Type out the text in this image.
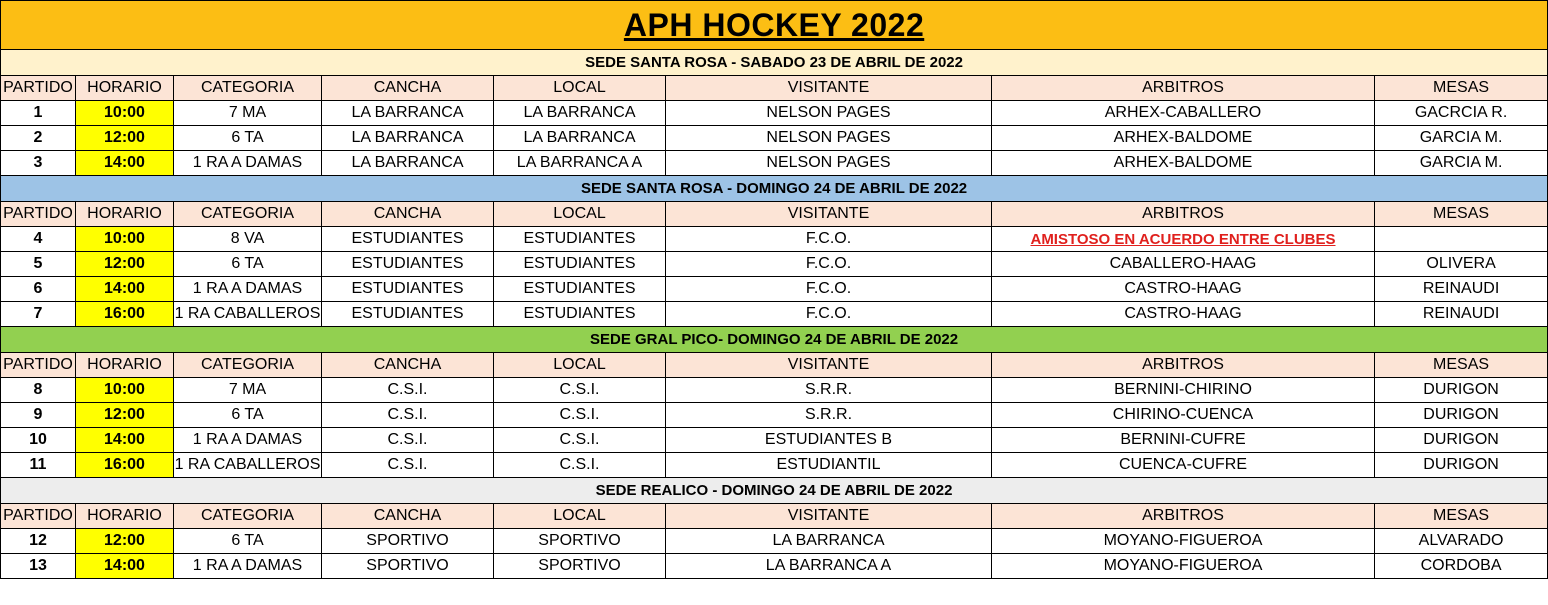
APH HOCKEY 2022							
SEDE SANTA ROSA - SABADO 23 DE ABRIL DE 2022							
PARTIDO	HORARIO	CATEGORIA	CANCHA	LOCAL	VISITANTE	ARBITROS	MESAS
1	10:00	7 MA	LA BARRANCA	LA BARRANCA	NELSON PAGES	ARHEX-CABALLERO	GACRCIA R.
2	12:00	6 TA	LA BARRANCA	LA BARRANCA	NELSON PAGES	ARHEX-BALDOME	GARCIA M.
3	14:00	1 RA A DAMAS	LA BARRANCA	LA BARRANCA A	NELSON PAGES	ARHEX-BALDOME	GARCIA M.
SEDE SANTA ROSA - DOMINGO 24 DE ABRIL DE 2022							
PARTIDO	HORARIO	CATEGORIA	CANCHA	LOCAL	VISITANTE	ARBITROS	MESAS
4	10:00	8 VA	ESTUDIANTES	ESTUDIANTES	F.C.O.	AMISTOSO EN ACUERDO ENTRE CLUBES	
5	12:00	6 TA	ESTUDIANTES	ESTUDIANTES	F.C.O.	CABALLERO-HAAG	OLIVERA
6	14:00	1 RA A DAMAS	ESTUDIANTES	ESTUDIANTES	F.C.O.	CASTRO-HAAG	REINAUDI
7	16:00	1 RA CABALLEROS	ESTUDIANTES	ESTUDIANTES	F.C.O.	CASTRO-HAAG	REINAUDI
SEDE GRAL PICO- DOMINGO 24 DE ABRIL DE 2022							
PARTIDO	HORARIO	CATEGORIA	CANCHA	LOCAL	VISITANTE	ARBITROS	MESAS
8	10:00	7 MA	C.S.I.	C.S.I.	S.R.R.	BERNINI-CHIRINO	DURIGON
9	12:00	6 TA	C.S.I.	C.S.I.	S.R.R.	CHIRINO-CUENCA	DURIGON
10	14:00	1 RA A DAMAS	C.S.I.	C.S.I.	ESTUDIANTES B	BERNINI-CUFRE	DURIGON
11	16:00	1 RA CABALLEROS	C.S.I.	C.S.I.	ESTUDIANTIL	CUENCA-CUFRE	DURIGON
SEDE REALICO - DOMINGO 24 DE ABRIL DE 2022							
PARTIDO	HORARIO	CATEGORIA	CANCHA	LOCAL	VISITANTE	ARBITROS	MESAS
12	12:00	6 TA	SPORTIVO	SPORTIVO	LA BARRANCA	MOYANO-FIGUEROA	ALVARADO
13	14:00	1 RA A DAMAS	SPORTIVO	SPORTIVO	LA BARRANCA A	MOYANO-FIGUEROA	CORDOBA
